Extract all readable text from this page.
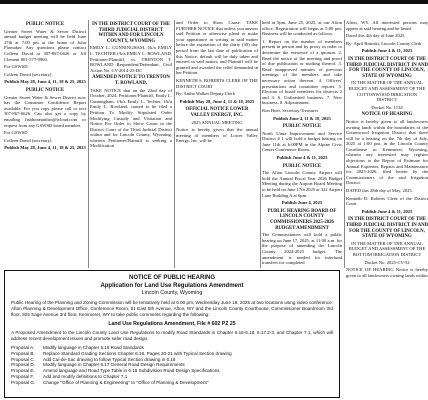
PUBLIC NOTICE

Greater Sweet Water & Sewer District annual budget meeting will be held June 27th at 7:00 pm at the home of John Flomaker. Any questions please contact Colleen David at 307-867-6626 or Jill Clement 801-577-9960.

For GSWSD

Colleen David (secretary)

Publish May 28, June 4, 11, 18 & 25, 2025

PUBLIC NOTICE

Greater Sweet Water & Sewer District now has the Consumer Confidence Report available. For you copy please call or text 307-867-6626. Can also get a copy by emailing fishboneanthro@icloud.com or request from any GSWSD board member.

For GSWSD

Colleen David (secretary)

Publish May 28, June 4, 11, 18 & 25, 2025

IN THE DISTRICT COURT OF THE THIRD JUDICIAL DISTRICT WITHIN AND FOR LINCOLN COUNTY, WYOMING

EMILY L. CUNNINGHAM, f/k/a EMILY L. TECHTER f/k/a EMILY L. ROWLAND, Petitioner/Plaintiff, vs. TRENTON T. ROWLAND Respondent/Defendant. Civil Action No. CV-2014-25-DC

AMENDED NOTICE TO TRENTON T. ROWLAND,

TAKE NOTICE that on the 22nd day of October, 2024, Petitioner/Plaintiff, Emily L. Cunningham, f/k/a Emily L. Techter, f/k/a Emily L. Rowland, caused to be filed a Petition To Modify Stipulated Order Modifying Custody and Visitation and Notice For Order to Show Cause in the District Court of the Third Judicial District within and for Lincoln County, Wyoming, wherein Petitioner/Plaintiff is seeking a Modification

and Order to Show Cause. TAKE FURTHER NOTICE that unless you answer said Petition or otherwise plead or make your appearance in writing in said matter before the expiration of the thirty (30) day period from the last date of publication of this Notice, default will be duly taken and entered in said matter, and Plaintiff will be granted and awarded the relief demanded in her Petition.

KENNETH S. ROBERTS CLERK OF THE DISTRICT COURT

By: Antha Walker Deputy Clerk

Publish May 28, June 4, 11 & 18, 2025

OFFICIAL NOTICE LOWER VALLEY ENERGY, INC.

2025 ANNUAL MEETING

Notice is hereby given that the annual meeting of members of Lower Valley Energy, Inc. will be

held at 5pm, June 25, 2025, at our Afton office. Registration will begin at 5:00 pm. Business will be conducted as follows.

1. Report on the number of members present in person and by proxy in order to determine the existence of a quorum. 2. Read the notice of the meeting and proof of due publication or mailing thereof. 3. Read unapproved minutes of previous meetings of the members and take necessary action thereon. 4. Officers' presentations and committee reports. 5. Election of board members for districts 2 and 3. 6. Unfinished business. 7. New business. 8. Adjournment.

Ron Hoer, Secretary/Treasurer

Publish June 4, 11 & 18, 2025

PUBLIC NOTICE

North Uinta Improvement and Service District # 1 will hold a budget hearing on June 11th at 6:00PM in the Alpine Civic Center Conference Room.

Publish June 4 & 11, 2025

PUBLIC NOTICE

The Afton Lincoln County Airport will hold the Annual Fiscal Year 2026 Budget Meeting during the Airport Board Meeting to be held on June 17th 2025 at 322 Airport Lane Building A at 6pm.

Publish June 4, 2025

PUBLIC HEARING BOARD OF LINCOLN COUNTY COMMISSIONERS 2025-2026 BUDGET AMENDMENT

The Commissioners will hold a public hearing on June 17, 2025, at 11:00 a.m. for the purpose of amending the Lincoln County 2024-2025 budget. The amendment is needed for interfund transfers for completed

Afton, WY. All interested persons may appear at said hearing and be heard.

Dated this 4th day of June 2025.

By: April Brunski, Lincoln County Clerk

Publish June 4 & 11, 2025

IN THE DISTRICT COURT OF THE THIRD JUDICIAL DISTRICT IN AND FOR THE COUNTY OF LINCOLN, STATE OF WYOMING

IN THE MATTER OF THE ANNUAL BUDGET AND ASSESSMENT OF THE COTTONWOOD IRRIGATION DISTRICT

Docket No. 1134

NOTICE OF HEARING

Notice is hereby given to all landowners owning lands within the boundaries of the Cottonwood Irrigation District that there will be a hearing on the 7th day of July, 2025 at 1:00 pm, in the Lincoln County Courthouse in Kemmerer, Wyoming, wherein any interested may register objections to the Report of Estimate for Annual Expenses, Repairs and Maintenance for 2025-2026, filed herein by the Commissioners of the said Irrigation District.

DATED this 28th day of May, 2025.

Kenneth D. Roberts Clerk of the District Court

Publish June 4 & 11, 2025

IN THE DISTRICT COURT OF THE THIRD JUDICIAL DISTRICT IN AND FOR THE COUNTY OF LINCOLN, STATE OF WYOMING

IN THE MATTER OF THE ANNUAL BUDGET AND ASSESSMENT OF THE BOTTOM IRRIGATION DISTRICT

Docket No. 2025-CV-52

NOTICE OF HEARING Notice is hereby given to all landowners owning lands within

NOTICE OF PUBLIC HEARING
Application for Land Use Regulations Amendment
Lincoln County, Wyoming
Public Hearing of the Planning and Zoning Commission will be tentatively held at 6:00 pm, Wednesday June 18, 2025 at two locations using video conference: Afton Planning & Development Office, Conference Room, 61 East 5th Avenue, Afton, WY and the Lincoln County Courthouse, Commissioner Boardroom 3rd floor, 925 Sage Avenue 3rd floor, Kemmerer, WY to take public comments regarding the following:
Land Use Regulations Amendment, File # 602 PZ 25
A Proposed Amendment to the Lincoln County Land Use Regulations to modify Road Standards in Chapter 6.16-6.18, 6.17.2-3, and Chapter 7.1, which will address recent development issues and promote safer road design.
Proposal A.	Modify language in Chapter 6.16 Road Standards
Proposal B.	Replace Standard Grading Sections Chapter 6.16, Pages 20-21 with Typical Section drawing
Proposal C.	Add Cul-de-Sac drawing to follow Typical Section drawing in 6.16
Proposal D.	Modify language in Chapter 6.17 General Road Design Requirements
Proposal E.	Amend language and Road Type Table in 6.18 Subdivision Road Design Specifications
Proposal F.	Add and modify definitions to Chapter 7.1
Proposal G.	Change "Office of Planning & Engineering" to "Office of Planning & Development"
